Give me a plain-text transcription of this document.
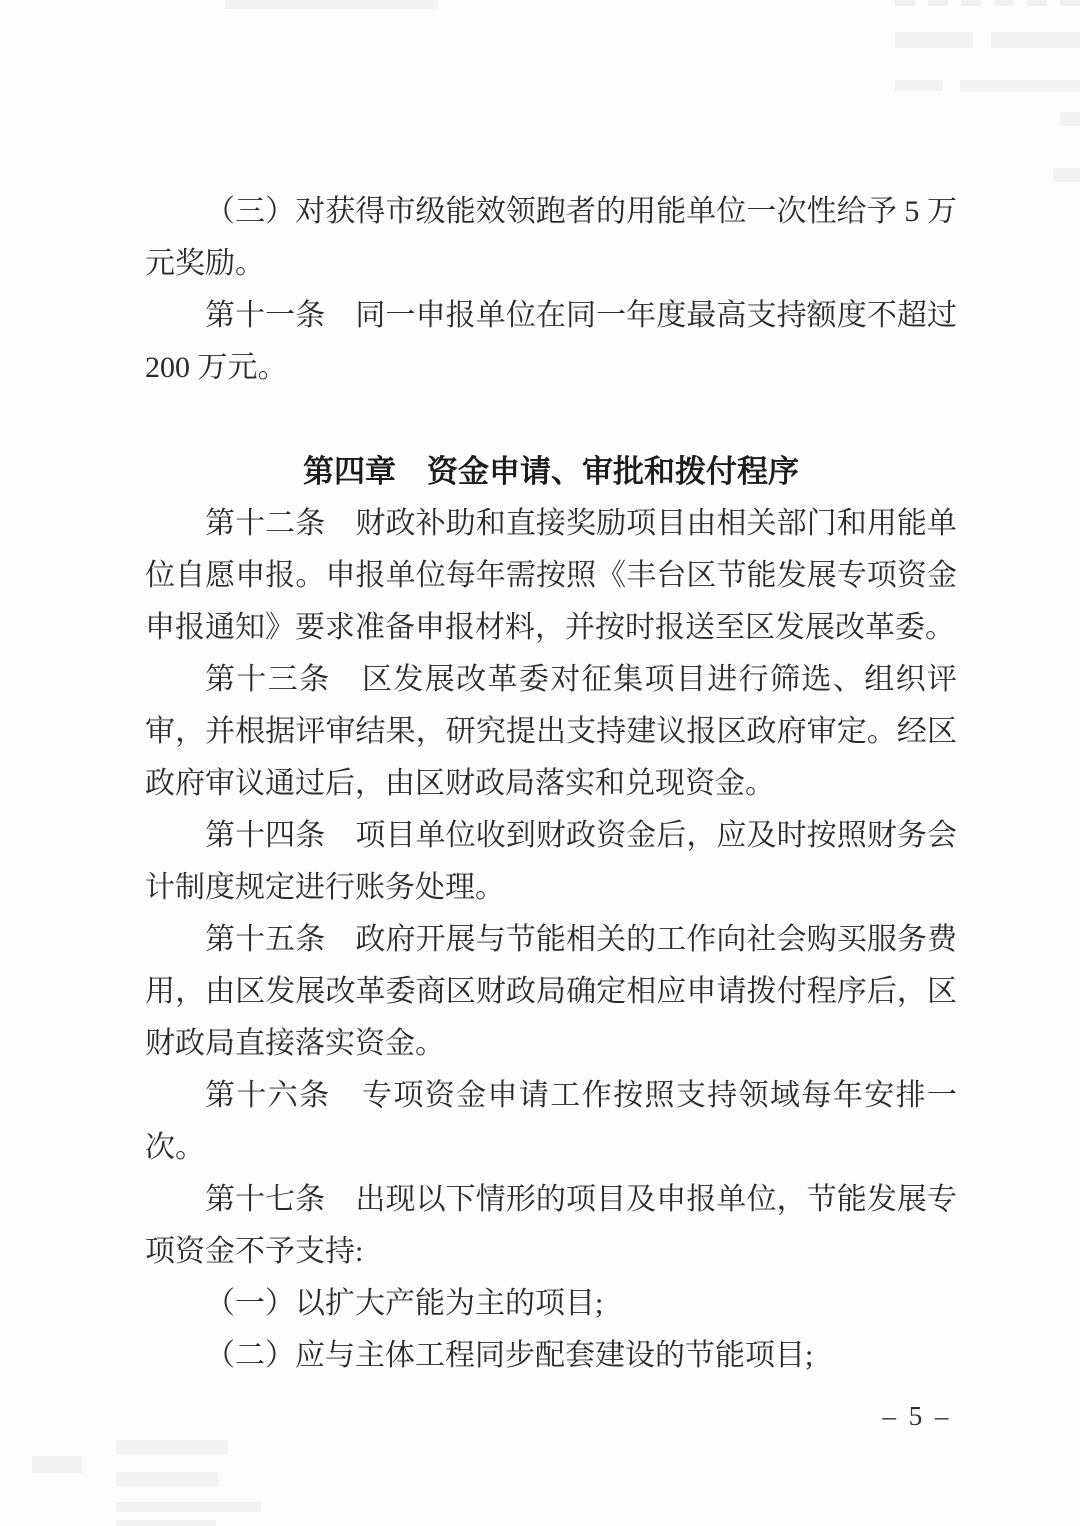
（三）对获得市级能效领跑者的用能单位一次性给予 5 万元奖励。

第十一条　同一申报单位在同一年度最高支持额度不超过 200 万元。

第四章　资金申请、审批和拨付程序

第十二条　财政补助和直接奖励项目由相关部门和用能单位自愿申报。申报单位每年需按照《丰台区节能发展专项资金申报通知》要求准备申报材料，并按时报送至区发展改革委。

第十三条　区发展改革委对征集项目进行筛选、组织评审，并根据评审结果，研究提出支持建议报区政府审定。经区政府审议通过后，由区财政局落实和兑现资金。

第十四条　项目单位收到财政资金后，应及时按照财务会计制度规定进行账务处理。

第十五条　政府开展与节能相关的工作向社会购买服务费用，由区发展改革委商区财政局确定相应申请拨付程序后，区财政局直接落实资金。

第十六条　专项资金申请工作按照支持领域每年安排一次。

第十七条　出现以下情形的项目及申报单位，节能发展专项资金不予支持:

（一）以扩大产能为主的项目;

（二）应与主体工程同步配套建设的节能项目;

– 5 –
